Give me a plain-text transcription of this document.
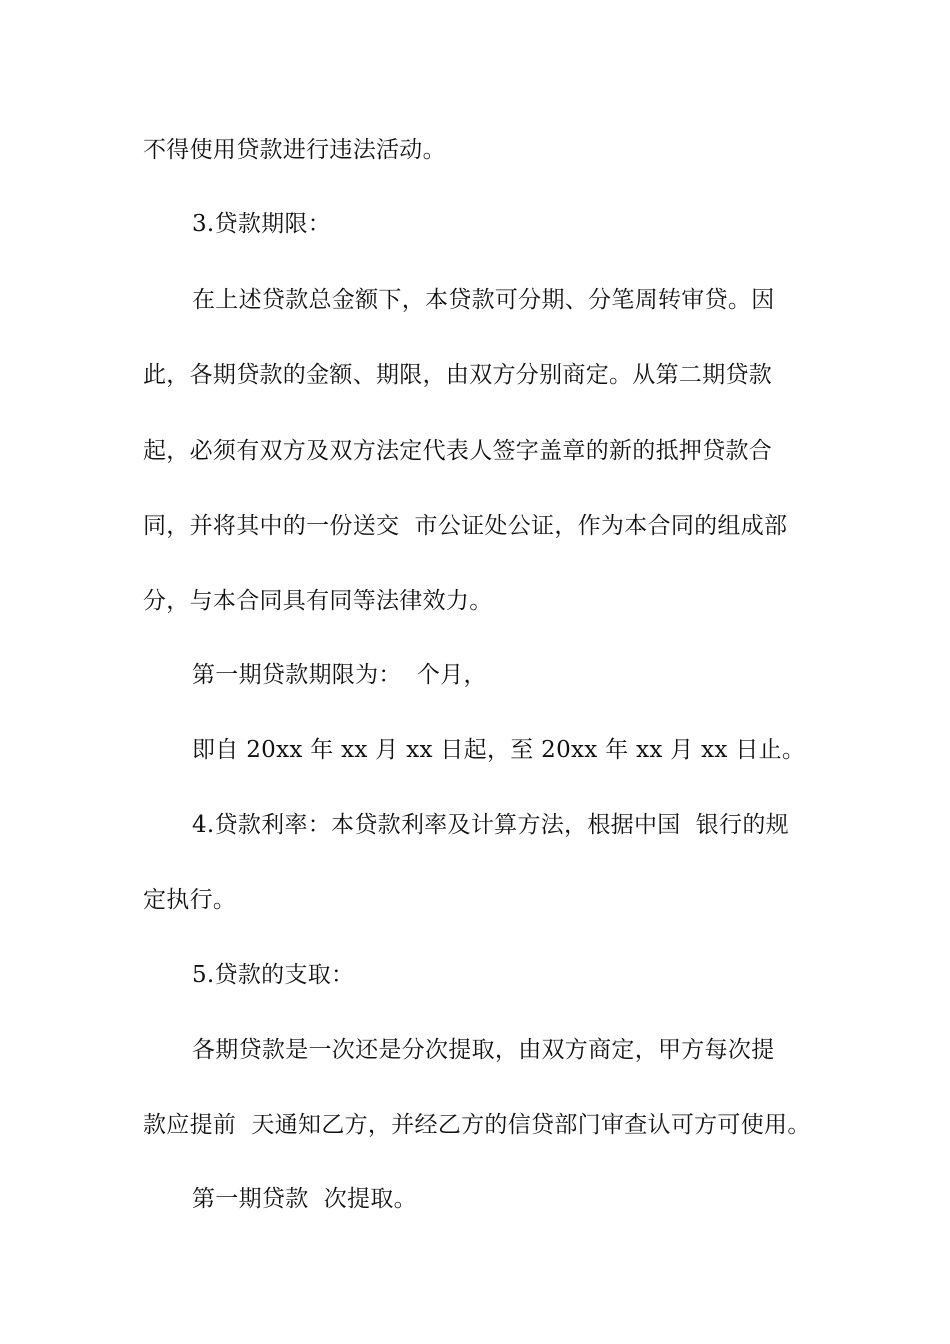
不得使用贷款进行违法活动。
3.贷款期限：
在上述贷款总金额下，本贷款可分期、分笔周转审贷。因
此，各期贷款的金额、期限，由双方分别商定。从第二期贷款
起，必须有双方及双方法定代表人签字盖章的新的抵押贷款合
同，并将其中的一份送交  市公证处公证，作为本合同的组成部
分，与本合同具有同等法律效力。
第一期贷款期限为：  个月，
即自 20xx 年 xx 月 xx 日起，至 20xx 年 xx 月 xx 日止。
4.贷款利率：本贷款利率及计算方法，根据中国  银行的规
定执行。
5.贷款的支取：
各期贷款是一次还是分次提取，由双方商定，甲方每次提
款应提前  天通知乙方，并经乙方的信贷部门审查认可方可使用。
第一期贷款  次提取。
